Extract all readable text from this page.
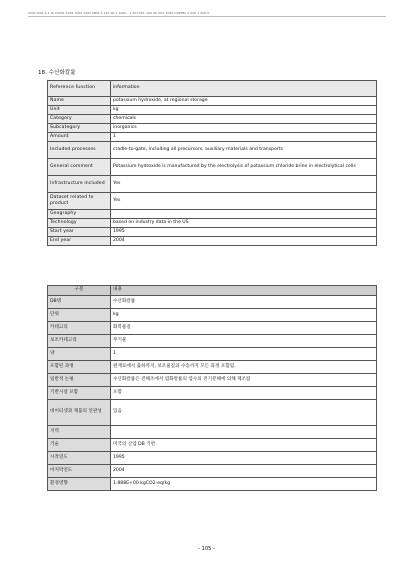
2002 DNA 3-1 NI 20001 5034 3000 2000 NEW A 120 WI-1 1000 - 1 007700, 200 00 VO1 1000 DOPPEL 0 000 1 000 0
18. 수산화칼륨
Reference function	information
Name	potassium hydroxide, at regional storage
Unit	kg
Category	chemicals
Subcategory	inorganics
Amount	1
Included processes	cradle-to-gate, including all precursors, auxiliary materials and transports
General comment	Potassium hydroxide is manufactured by the electrolysis of potassium chloride brine in electrolytical cells
Infrastructure included	Yes
Dataset related to product	Yes
Geography	
Technology	based on industry data in the US
Start year	1995
End year	2004
구분	내용
DB명	수산화칼륨
단위	kg
카테고리	화학물질
보조카테고리	무기물
양	1
포함된 과정	원재료에서 출하까지, 보조물질과 수송까지 모든 과정 포함됨.
일반적 논평	수산화칼륨은 전해조에서 염화칼륨의 염수의 전기분해에 의해 제조됨
기반시설 포함	포함
데이터셋과 제품의 연관성	있음
지역	
기술	미국의 산업 DB 기반
시작연도	1995
마지막연도	2004
환경영향	1.888E+00 kgCO2-eq/kg
- 105 -
